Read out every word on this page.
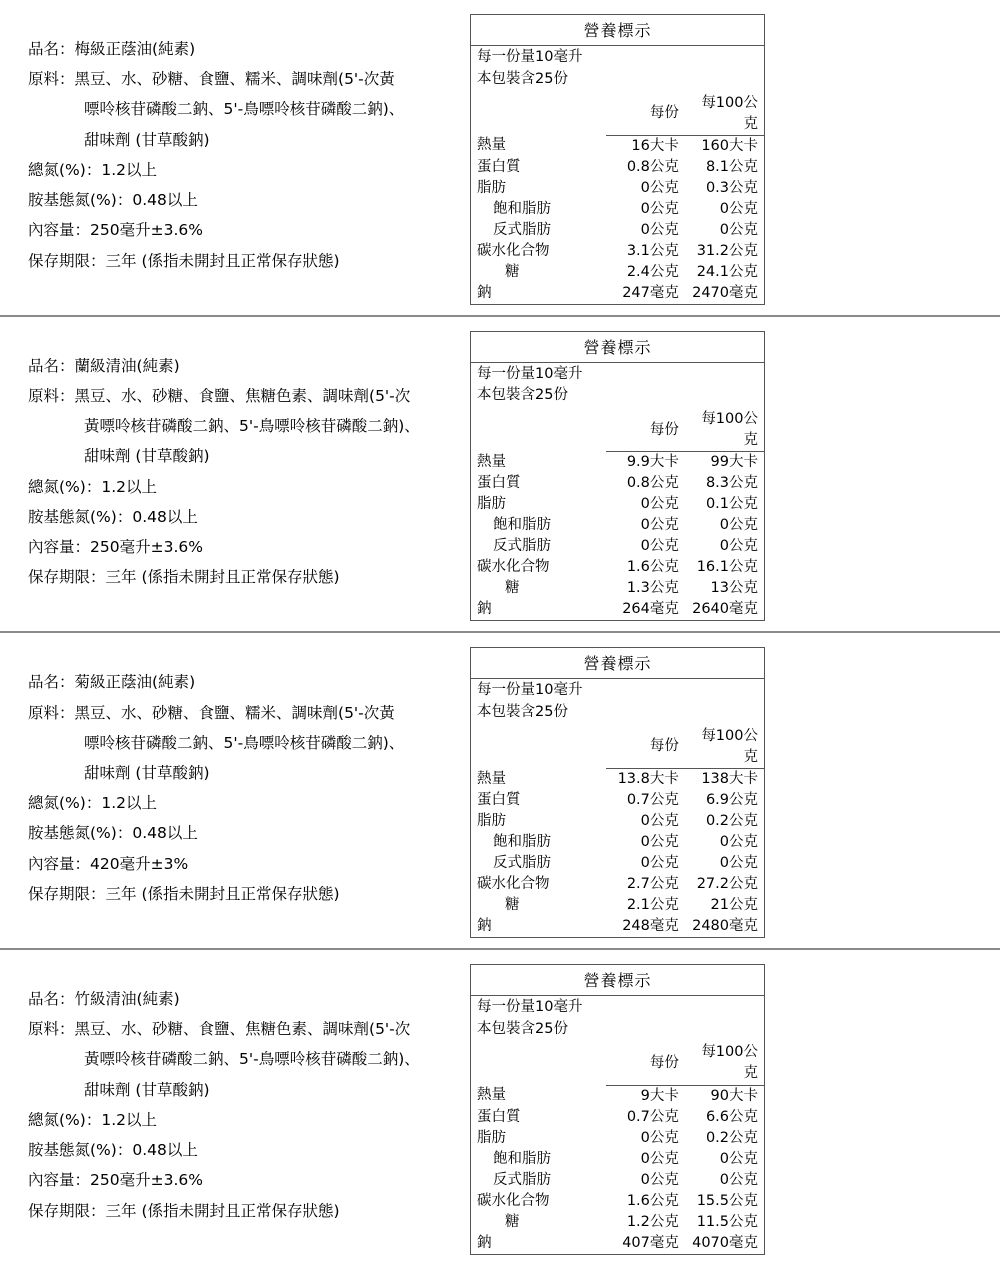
品名： 梅級正蔭油(純素)
原料： 黑豆、水、砂糖、食鹽、糯米、調味劑(5'-次黃
嘌呤核苷磷酸二鈉、5'-鳥嘌呤核苷磷酸二鈉)、
甜味劑 (甘草酸鈉)
總氮(%)： 1.2以上
胺基態氮(%)： 0.48以上
內容量： 250毫升±3.6%
保存期限： 三年 (係指未開封且正常保存狀態)
營養標示
每一份量10毫升
本包裝含25份
	每份	每100公克
熱量	16大卡	160大卡
蛋白質	0.8公克	8.1公克
脂肪	0公克	0.3公克
飽和脂肪	0公克	0公克
反式脂肪	0公克	0公克
碳水化合物	3.1公克	31.2公克
糖	2.4公克	24.1公克
鈉	247毫克	2470毫克
品名： 蘭級清油(純素)
原料： 黑豆、水、砂糖、食鹽、焦糖色素、調味劑(5'-次
黃嘌呤核苷磷酸二鈉、5'-鳥嘌呤核苷磷酸二鈉)、
甜味劑 (甘草酸鈉)
總氮(%)： 1.2以上
胺基態氮(%)： 0.48以上
內容量： 250毫升±3.6%
保存期限： 三年 (係指未開封且正常保存狀態)
營養標示
每一份量10毫升
本包裝含25份
	每份	每100公克
熱量	9.9大卡	99大卡
蛋白質	0.8公克	8.3公克
脂肪	0公克	0.1公克
飽和脂肪	0公克	0公克
反式脂肪	0公克	0公克
碳水化合物	1.6公克	16.1公克
糖	1.3公克	13公克
鈉	264毫克	2640毫克
品名： 菊級正蔭油(純素)
原料： 黑豆、水、砂糖、食鹽、糯米、調味劑(5'-次黃
嘌呤核苷磷酸二鈉、5'-鳥嘌呤核苷磷酸二鈉)、
甜味劑 (甘草酸鈉)
總氮(%)： 1.2以上
胺基態氮(%)： 0.48以上
內容量： 420毫升±3%
保存期限： 三年 (係指未開封且正常保存狀態)
營養標示
每一份量10毫升
本包裝含25份
	每份	每100公克
熱量	13.8大卡	138大卡
蛋白質	0.7公克	6.9公克
脂肪	0公克	0.2公克
飽和脂肪	0公克	0公克
反式脂肪	0公克	0公克
碳水化合物	2.7公克	27.2公克
糖	2.1公克	21公克
鈉	248毫克	2480毫克
品名： 竹級清油(純素)
原料： 黑豆、水、砂糖、食鹽、焦糖色素、調味劑(5'-次
黃嘌呤核苷磷酸二鈉、5'-鳥嘌呤核苷磷酸二鈉)、
甜味劑 (甘草酸鈉)
總氮(%)： 1.2以上
胺基態氮(%)： 0.48以上
內容量： 250毫升±3.6%
保存期限： 三年 (係指未開封且正常保存狀態)
營養標示
每一份量10毫升
本包裝含25份
	每份	每100公克
熱量	9大卡	90大卡
蛋白質	0.7公克	6.6公克
脂肪	0公克	0.2公克
飽和脂肪	0公克	0公克
反式脂肪	0公克	0公克
碳水化合物	1.6公克	15.5公克
糖	1.2公克	11.5公克
鈉	407毫克	4070毫克
